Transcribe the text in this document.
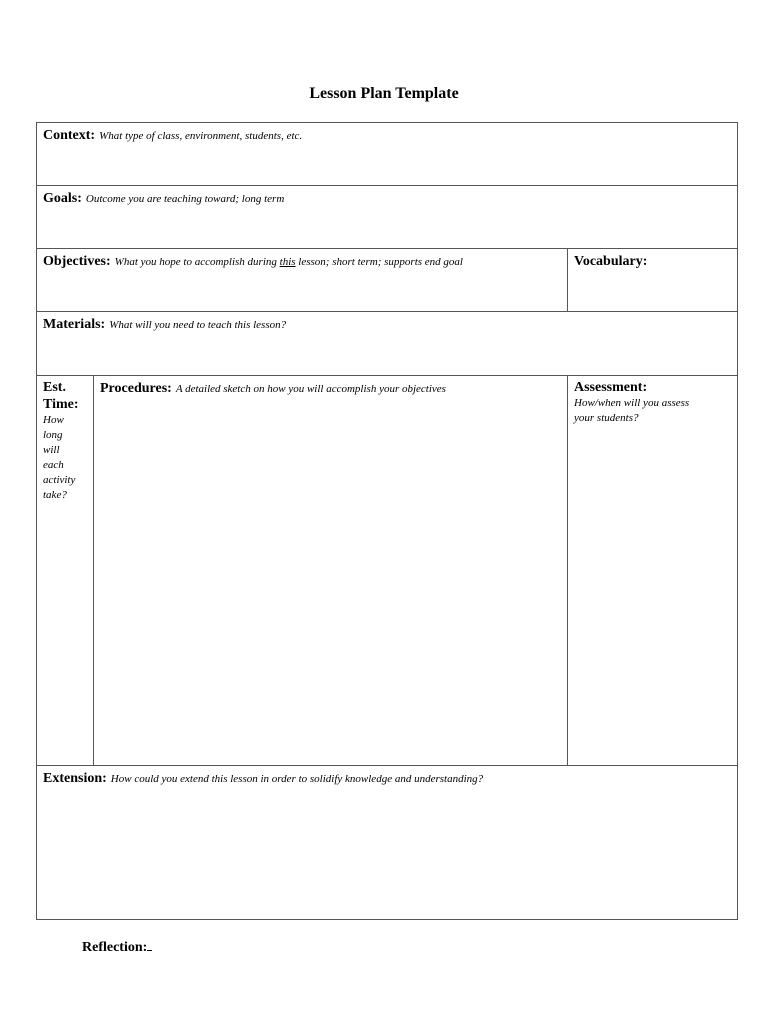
Lesson Plan Template
Context: What type of class, environment, students, etc.
Goals: Outcome you are teaching toward; long term
Objectives: What you hope to accomplish during this lesson; short term; supports end goal	Vocabulary:
Materials: What will you need to teach this lesson?
Est.
Time:
How
long
will
each
activity
take?
Procedures: A detailed sketch on how you will accomplish your objectives	Assessment:
How/when will you assess
your students?
Extension: How could you extend this lesson in order to solidify knowledge and understanding?
Reflection:
